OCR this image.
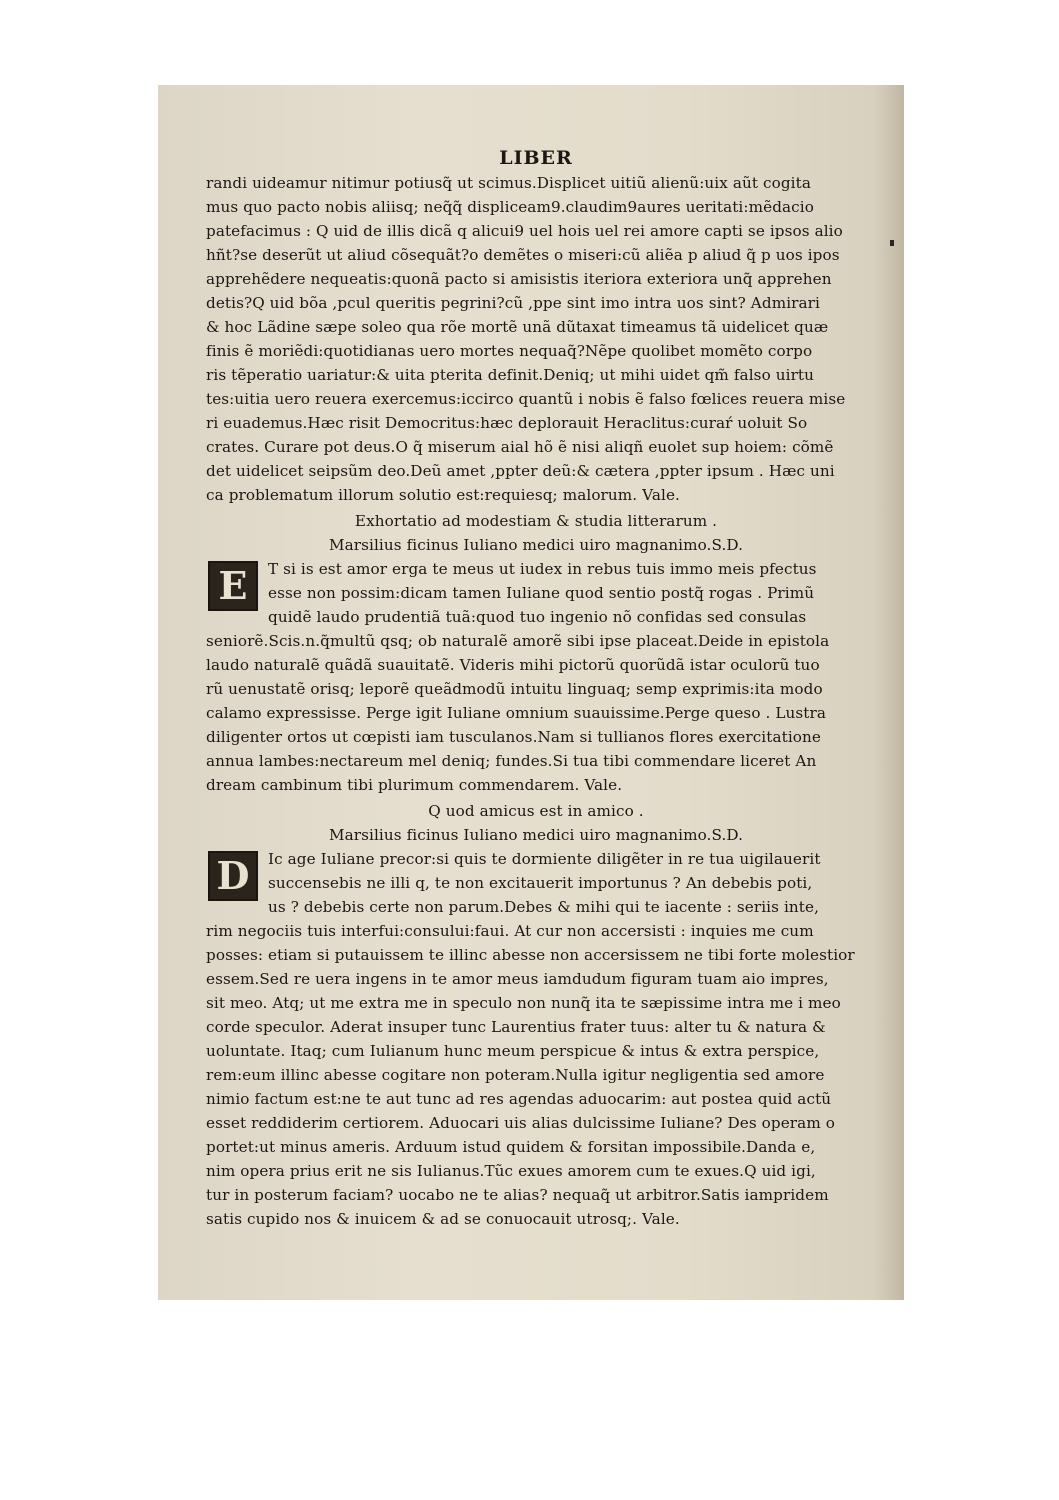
LIBER
randi uideamur nitimur potiusq̃ ut scimus.Displicet uitiũ alienũ:uix aũt cogita
mus quo pacto nobis aliisq; neq̃q̃ displiceam9.claudim9aures ueritati:mẽdacio
patefacimus : Q uid de illis dicã q alicui9 uel hois uel rei amore capti se ipsos alio
hñt?se deserũt ut aliud cõsequãt?o demẽtes o miseri:cũ aliẽa p aliud q̃ p uos ipos
apprehẽdere nequeatis:quonã pacto si amisistis iteriora exteriora unq̃ apprehen
detis?Q uid bõa ,pcul queritis pegrini?cũ ,ppe sint imo intra uos sint? Admirari
& hoc Lãdine sæpe soleo qua rõe mortẽ unã dũtaxat timeamus tã uidelicet quæ
finis ẽ moriẽdi:quotidianas uero mortes nequaq̃?Nẽpe quolibet momẽto corpo
ris tẽperatio uariatur:& uita pterita definit.Deniq; ut mihi uidet qm̃ falso uirtu
tes:uitia uero reuera exercemus:iccirco quantũ i nobis ẽ falso fœlices reuera mise
ri euademus.Hæc risit Democritus:hæc deplorauit Heraclitus:curaŕ uoluit So
crates. Curare pot deus.O q̃ miserum aial hõ ẽ nisi aliqñ euolet sup hoiem: cõmẽ
det uidelicet seipsũm deo.Deũ amet ,ppter deũ:& cætera ,ppter ipsum . Hæc uni
ca problematum illorum solutio est:requiesq; malorum. Vale.
Exhortatio ad modestiam & studia litterarum .
Marsilius ficinus Iuliano medici uiro magnanimo.S.D.
E	T si is est amor erga te meus ut iudex in rebus tuis immo meis pfectus
esse non possim:dicam tamen Iuliane quod sentio postq̃ rogas . Primũ
quidẽ laudo prudentiã tuã:quod tuo ingenio nõ confidas sed consulas
seniorẽ.Scis.n.q̃multũ qsq; ob naturalẽ amorẽ sibi ipse placeat.Deide in epistola
laudo naturalẽ quãdã suauitatẽ. Videris mihi pictorũ quorũdã istar oculorũ tuo
rũ uenustatẽ orisq; leporẽ queãdmodũ intuitu linguaq; semp exprimis:ita modo
calamo expressisse. Perge igit Iuliane omnium suauissime.Perge queso . Lustra
diligenter ortos ut cœpisti iam tusculanos.Nam si tullianos flores exercitatione
annua lambes:nectareum mel deniq; fundes.Si tua tibi commendare liceret An
dream cambinum tibi plurimum commendarem. Vale.
Q uod amicus est in amico .
Marsilius ficinus Iuliano medici uiro magnanimo.S.D.
D	Ic age Iuliane precor:si quis te dormiente diligẽter in re tua uigilauerit
succensebis ne illi q, te non excitauerit importunus ? An debebis poti,
us ? debebis certe non parum.Debes & mihi qui te iacente : seriis inte,
rim negociis tuis interfui:consului:faui. At cur non accersisti : inquies me cum
posses: etiam si putauissem te illinc abesse non accersissem ne tibi forte molestior
essem.Sed re uera ingens in te amor meus iamdudum figuram tuam aio impres,
sit meo. Atq; ut me extra me in speculo non nunq̃ ita te sæpissime intra me i meo
corde speculor. Aderat insuper tunc Laurentius frater tuus: alter tu & natura &
uoluntate. Itaq; cum Iulianum hunc meum perspicue & intus & extra perspice,
rem:eum illinc abesse cogitare non poteram.Nulla igitur negligentia sed amore
nimio factum est:ne te aut tunc ad res agendas aduocarim: aut postea quid actũ
esset reddiderim certiorem. Aduocari uis alias dulcissime Iuliane? Des operam o
portet:ut minus ameris. Arduum istud quidem & forsitan impossibile.Danda e,
nim opera prius erit ne sis Iulianus.Tũc exues amorem cum te exues.Q uid igi,
tur in posterum faciam? uocabo ne te alias? nequaq̃ ut arbitror.Satis iampridem
satis cupido nos & inuicem & ad se conuocauit utrosq;. Vale.
